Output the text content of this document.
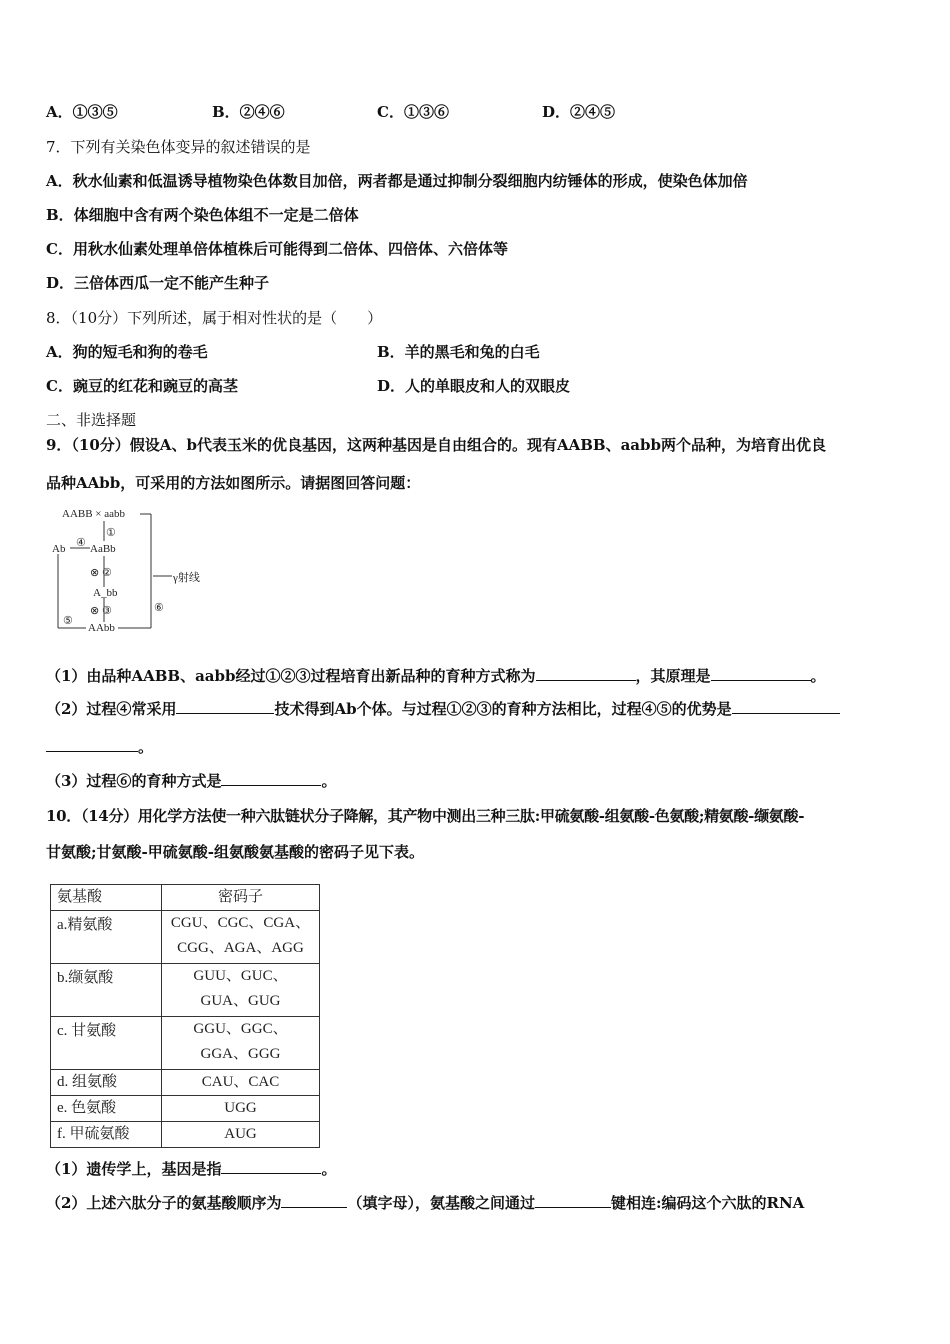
A．①③⑤	B．②④⑥	C．①③⑥	D．②④⑤
7．下列有关染色体变异的叙述错误的是
A．秋水仙素和低温诱导植物染色体数目加倍，两者都是通过抑制分裂细胞内纺锤体的形成，使染色体加倍
B．体细胞中含有两个染色体组不一定是二倍体
C．用秋水仙素处理单倍体植株后可能得到二倍体、四倍体、六倍体等
D．三倍体西瓜一定不能产生种子
8．（10分）下列所述，属于相对性状的是（　　）
A．狗的短毛和狗的卷毛	B．羊的黑毛和兔的白毛
C．豌豆的红花和豌豆的高茎	D．人的单眼皮和人的双眼皮
二、非选择题
9．（10分）假设A、b代表玉米的优良基因，这两种基因是自由组合的。现有AABB、aabb两个品种，为培育出优良
品种AAbb，可采用的方法如图所示。请据图回答问题：
AABB × aabb
①
AaBb
④
Ab
⊗ ②
A_bb
⊗ ③
AAbb
⑤
⑥
γ射线
（1）由品种AABB、aabb经过①②③过程培育出新品种的育种方式称为	，其原理是	。
（2）过程④常采用	技术得到Ab个体。与过程①②③的育种方法相比，过程④⑤的优势是
。
（3）过程⑥的育种方式是	。
10．（14分）用化学方法使一种六肽链状分子降解，其产物中测出三种三肽:甲硫氨酸-组氨酸-色氨酸;精氨酸-缬氨酸-
甘氨酸;甘氨酸-甲硫氨酸-组氨酸氨基酸的密码子见下表。
氨基酸	密码子
a.精氨酸	CGU、CGC、CGA、
CGG、AGA、AGG

b.缬氨酸	GUU、GUC、
GUA、GUG

c. 甘氨酸	GGU、GGC、
GGA、GGG

d. 组氨酸	CAU、CAC
e. 色氨酸	UGG
f. 甲硫氨酸	AUG
（1）遗传学上，基因是指	。
（2）上述六肽分子的氨基酸顺序为	（填字母），氨基酸之间通过	键相连:编码这个六肽的RNA
